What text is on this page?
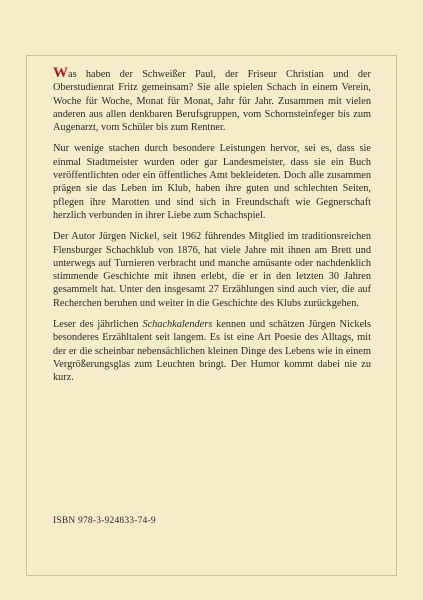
Was haben der Schweißer Paul, der Friseur Christian und der Oberstudienrat Fritz gemeinsam? Sie alle spielen Schach in einem Verein, Woche für Woche, Monat für Monat, Jahr für Jahr. Zusammen mit vielen anderen aus allen denkbaren Berufsgruppen, vom Schornsteinfeger bis zum Augenarzt, vom Schüler bis zum Rentner.

Nur wenige stachen durch besondere Leistungen hervor, sei es, dass sie einmal Stadtmeister wurden oder gar Landesmeister, dass sie ein Buch veröffentlichten oder ein öffentliches Amt bekleideten. Doch alle zusammen prägen sie das Leben im Klub, haben ihre guten und schlechten Seiten, pflegen ihre Marotten und sind sich in Freundschaft wie Gegnerschaft herzlich verbunden in ihrer Liebe zum Schachspiel.

Der Autor Jürgen Nickel, seit 1962 führendes Mitglied im traditionsreichen Flensburger Schachklub von 1876, hat viele Jahre mit ihnen am Brett und unterwegs auf Turnieren verbracht und manche amüsante oder nachdenklich stimmende Geschichte mit ihnen erlebt, die er in den letzten 30 Jahren gesammelt hat. Unter den insgesamt 27 Erzählungen sind auch vier, die auf Recherchen beruhen und weiter in die Geschichte des Klubs zurückgehen.

Leser des jährlichen Schachkalenders kennen und schätzen Jürgen Nickels besonderes Erzähltalent seit langem. Es ist eine Art Poesie des Alltags, mit der er die scheinbar nebensächlichen kleinen Dinge des Lebens wie in einem Vergrößerungsglas zum Leuchten bringt. Der Humor kommt dabei nie zu kurz.

ISBN 978-3-924833-74-9
